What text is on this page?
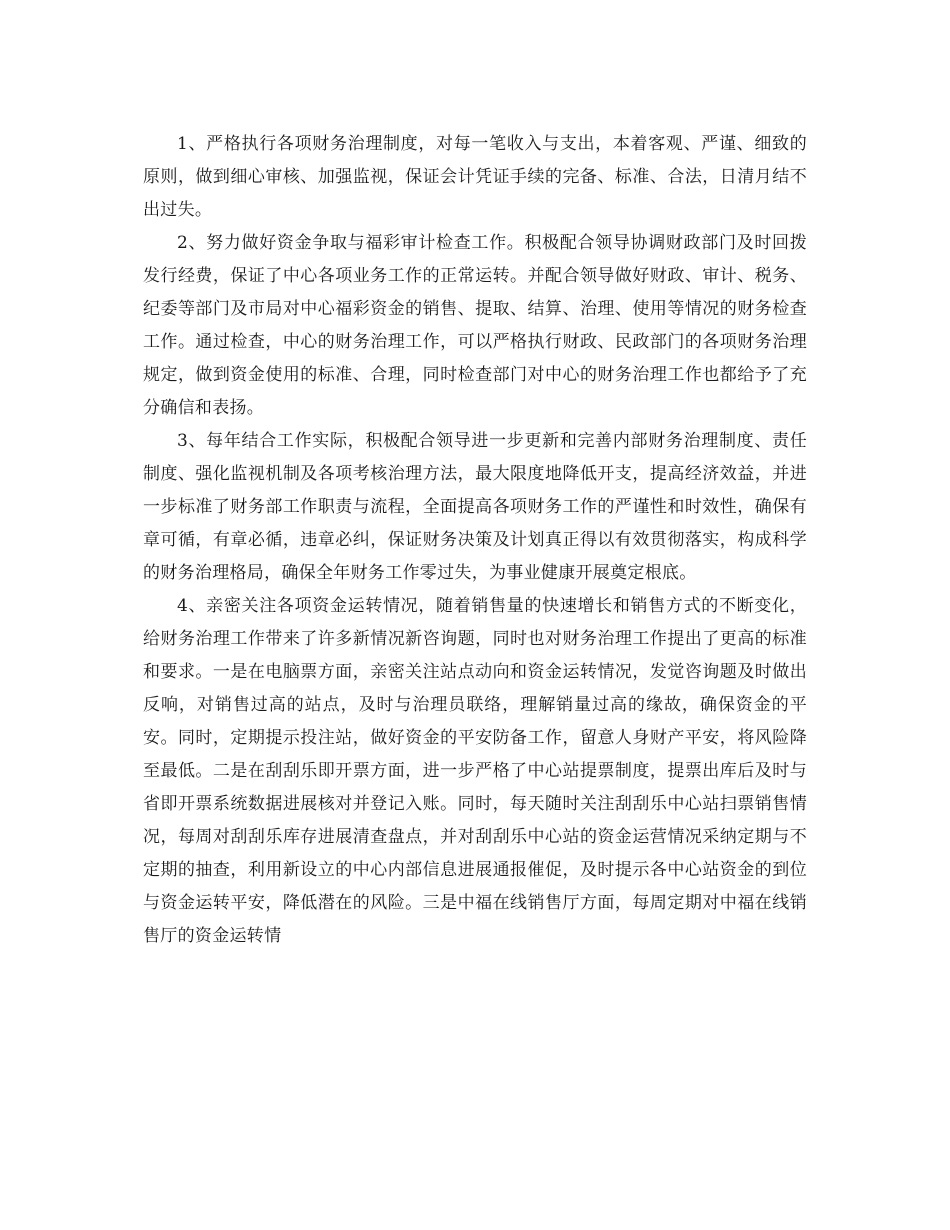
1、严格执行各项财务治理制度，对每一笔收入与支出，本着客观、严谨、细致的原则，做到细心审核、加强监视，保证会计凭证手续的完备、标准、合法，日清月结不出过失。

2、努力做好资金争取与福彩审计检查工作。积极配合领导协调财政部门及时回拨发行经费，保证了中心各项业务工作的正常运转。并配合领导做好财政、审计、税务、纪委等部门及市局对中心福彩资金的销售、提取、结算、治理、使用等情况的财务检查工作。通过检查，中心的财务治理工作，可以严格执行财政、民政部门的各项财务治理规定，做到资金使用的标准、合理，同时检查部门对中心的财务治理工作也都给予了充分确信和表扬。

3、每年结合工作实际，积极配合领导进一步更新和完善内部财务治理制度、责任制度、强化监视机制及各项考核治理方法，最大限度地降低开支，提高经济效益，并进一步标准了财务部工作职责与流程，全面提高各项财务工作的严谨性和时效性，确保有章可循，有章必循，违章必纠，保证财务决策及计划真正得以有效贯彻落实，构成科学的财务治理格局，确保全年财务工作零过失，为事业健康开展奠定根底。

4、亲密关注各项资金运转情况，随着销售量的快速增长和销售方式的不断变化，给财务治理工作带来了许多新情况新咨询题，同时也对财务治理工作提出了更高的标准和要求。一是在电脑票方面，亲密关注站点动向和资金运转情况，发觉咨询题及时做出反响，对销售过高的站点，及时与治理员联络，理解销量过高的缘故，确保资金的平安。同时，定期提示投注站，做好资金的平安防备工作，留意人身财产平安，将风险降至最低。二是在刮刮乐即开票方面，进一步严格了中心站提票制度，提票出库后及时与省即开票系统数据进展核对并登记入账。同时，每天随时关注刮刮乐中心站扫票销售情况，每周对刮刮乐库存进展清查盘点，并对刮刮乐中心站的资金运营情况采纳定期与不定期的抽查，利用新设立的中心内部信息进展通报催促，及时提示各中心站资金的到位与资金运转平安，降低潜在的风险。三是中福在线销售厅方面，每周定期对中福在线销售厅的资金运转情
